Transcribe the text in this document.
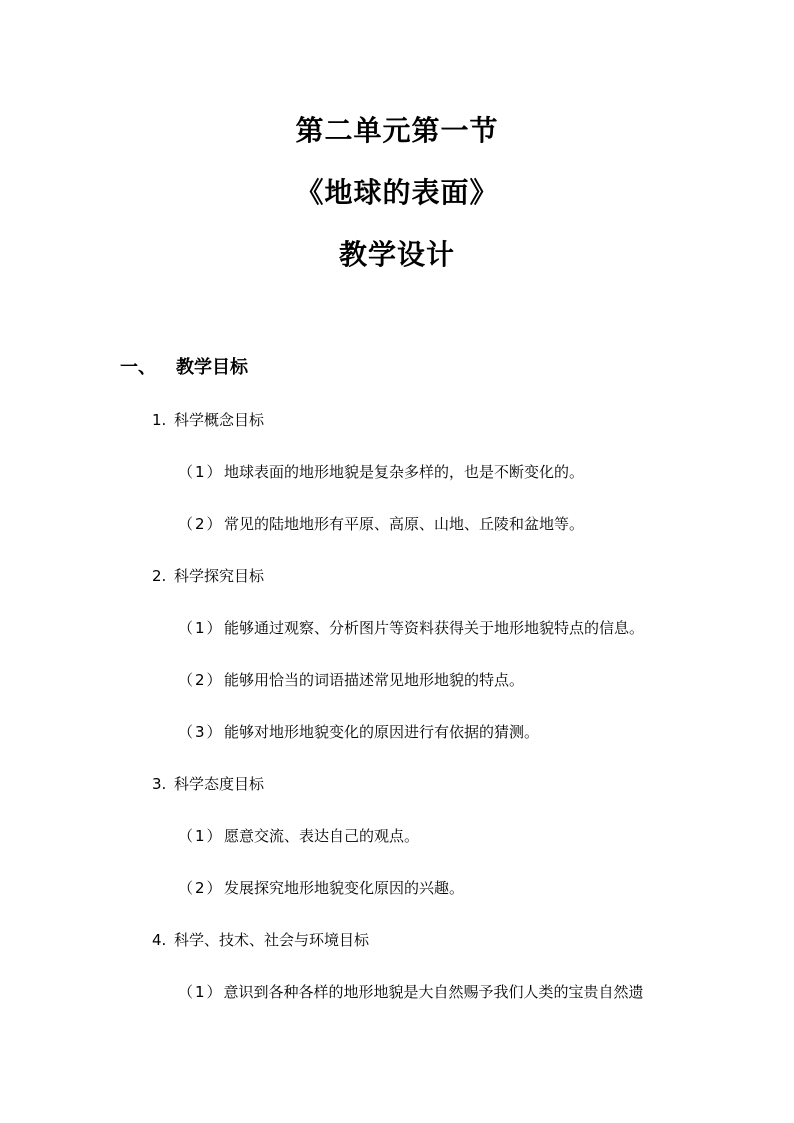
第二单元第一节
《地球的表面》
教学设计
一、 教学目标
1. 科学概念目标
（1）地球表面的地形地貌是复杂多样的，也是不断变化的。
（2）常见的陆地地形有平原、高原、山地、丘陵和盆地等。
2. 科学探究目标
（1）能够通过观察、分析图片等资料获得关于地形地貌特点的信息。
（2）能够用恰当的词语描述常见地形地貌的特点。
（3）能够对地形地貌变化的原因进行有依据的猜测。
3. 科学态度目标
（1）愿意交流、表达自己的观点。
（2）发展探究地形地貌变化原因的兴趣。
4. 科学、技术、社会与环境目标
（1）意识到各种各样的地形地貌是大自然赐予我们人类的宝贵自然遗
